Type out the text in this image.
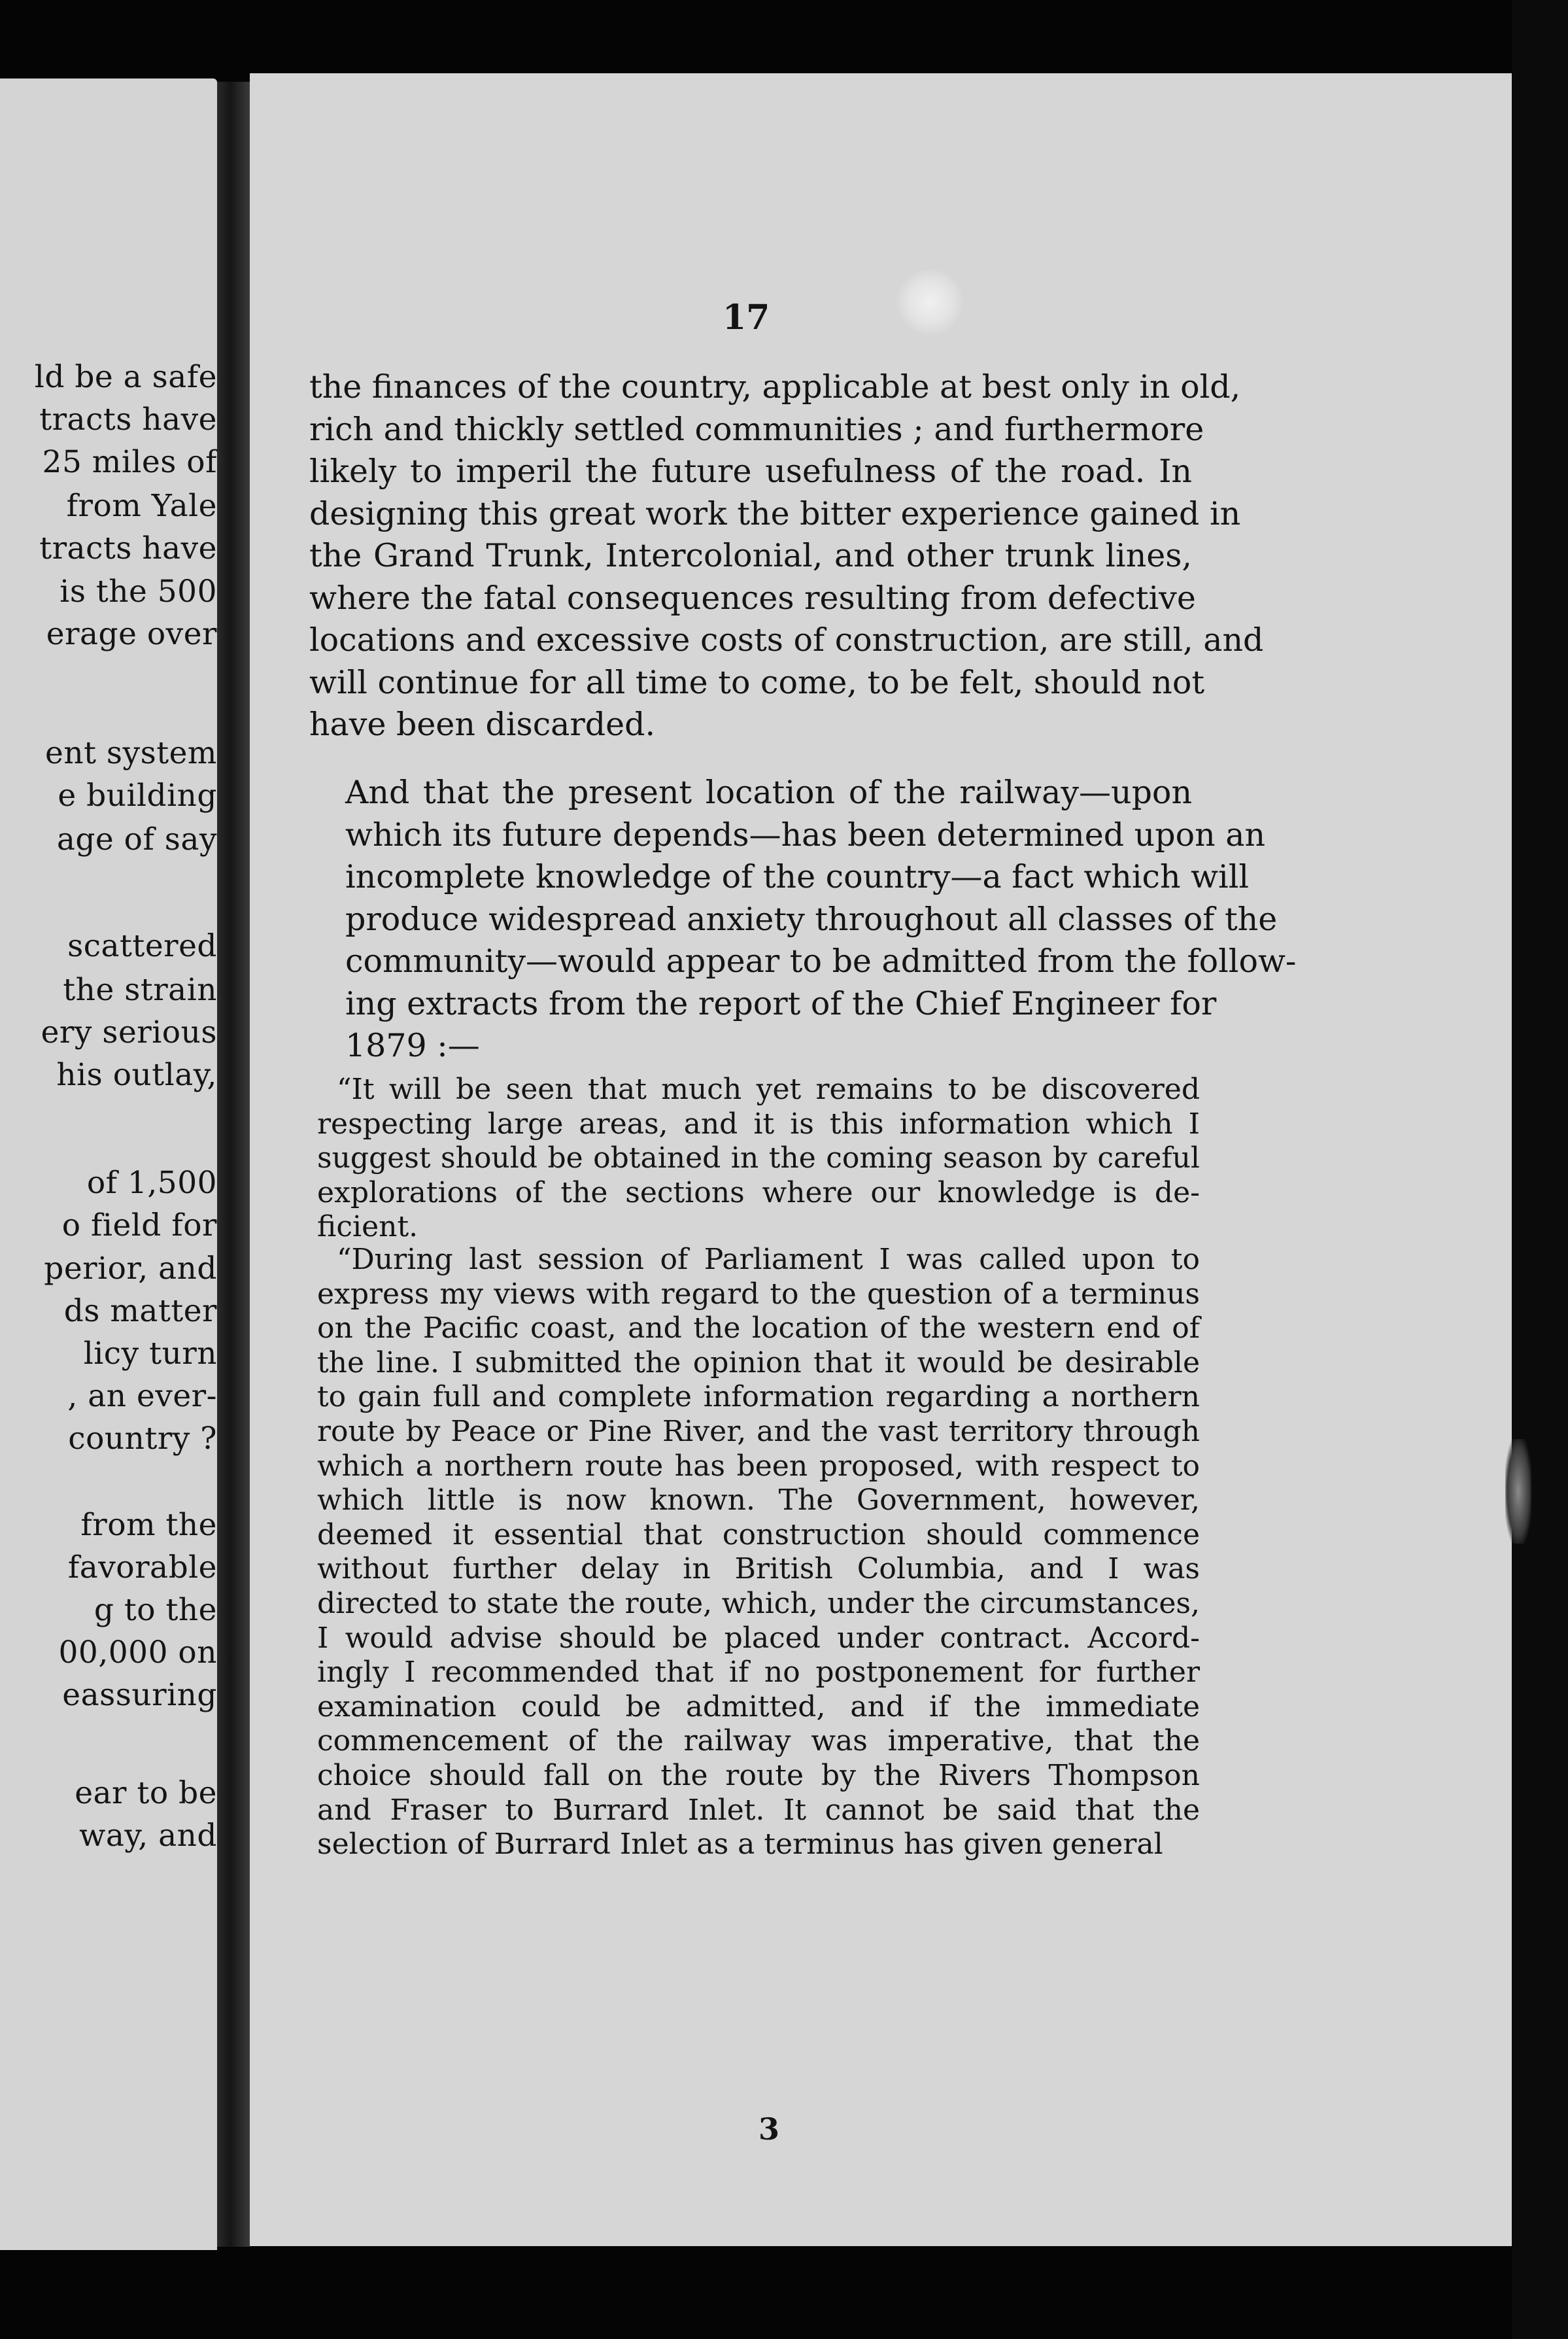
ld be a safe
tracts have
25 miles of
from Yale
tracts have
is the 500
erage over
ent system
e building
age of say
scattered
the strain
ery serious
his outlay,
of 1,500
o field for
perior, and
ds matter
licy turn
, an ever-
country ?
from the
favorable
g to the
00,000 on
eassuring
ear to be
way, and
17

the finances of the country, applicable at best only in old,
rich and thickly settled communities ; and furthermore
likely to imperil the future usefulness of the road. In
designing this great work the bitter experience gained in
the Grand Trunk, Intercolonial, and other trunk lines,
where the fatal consequences resulting from defective
locations and excessive costs of construction, are still, and
will continue for all time to come, to be felt, should not
have been discarded.

And that the present location of the railway—upon
which its future depends—has been determined upon an
incomplete knowledge of the country—a fact which will
produce widespread anxiety throughout all classes of the
community—would appear to be admitted from the follow-
ing extracts from the report of the Chief Engineer for
1879 :—

“It will be seen that much yet remains to be discovered
respecting large areas, and it is this information which I
suggest should be obtained in the coming season by careful
explorations of the sections where our knowledge is de-
ficient.

“During last session of Parliament I was called upon to
express my views with regard to the question of a terminus
on the Pacific coast, and the location of the western end of
the line. I submitted the opinion that it would be desirable
to gain full and complete information regarding a northern
route by Peace or Pine River, and the vast territory through
which a northern route has been proposed, with respect to
which little is now known. The Government, however,
deemed it essential that construction should commence
without further delay in British Columbia, and I was
directed to state the route, which, under the circumstances,
I would advise should be placed under contract. Accord-
ingly I recommended that if no postponement for further
examination could be admitted, and if the immediate
commencement of the railway was imperative, that the
choice should fall on the route by the Rivers Thompson
and Fraser to Burrard Inlet. It cannot be said that the
selection of Burrard Inlet as a terminus has given general

3
